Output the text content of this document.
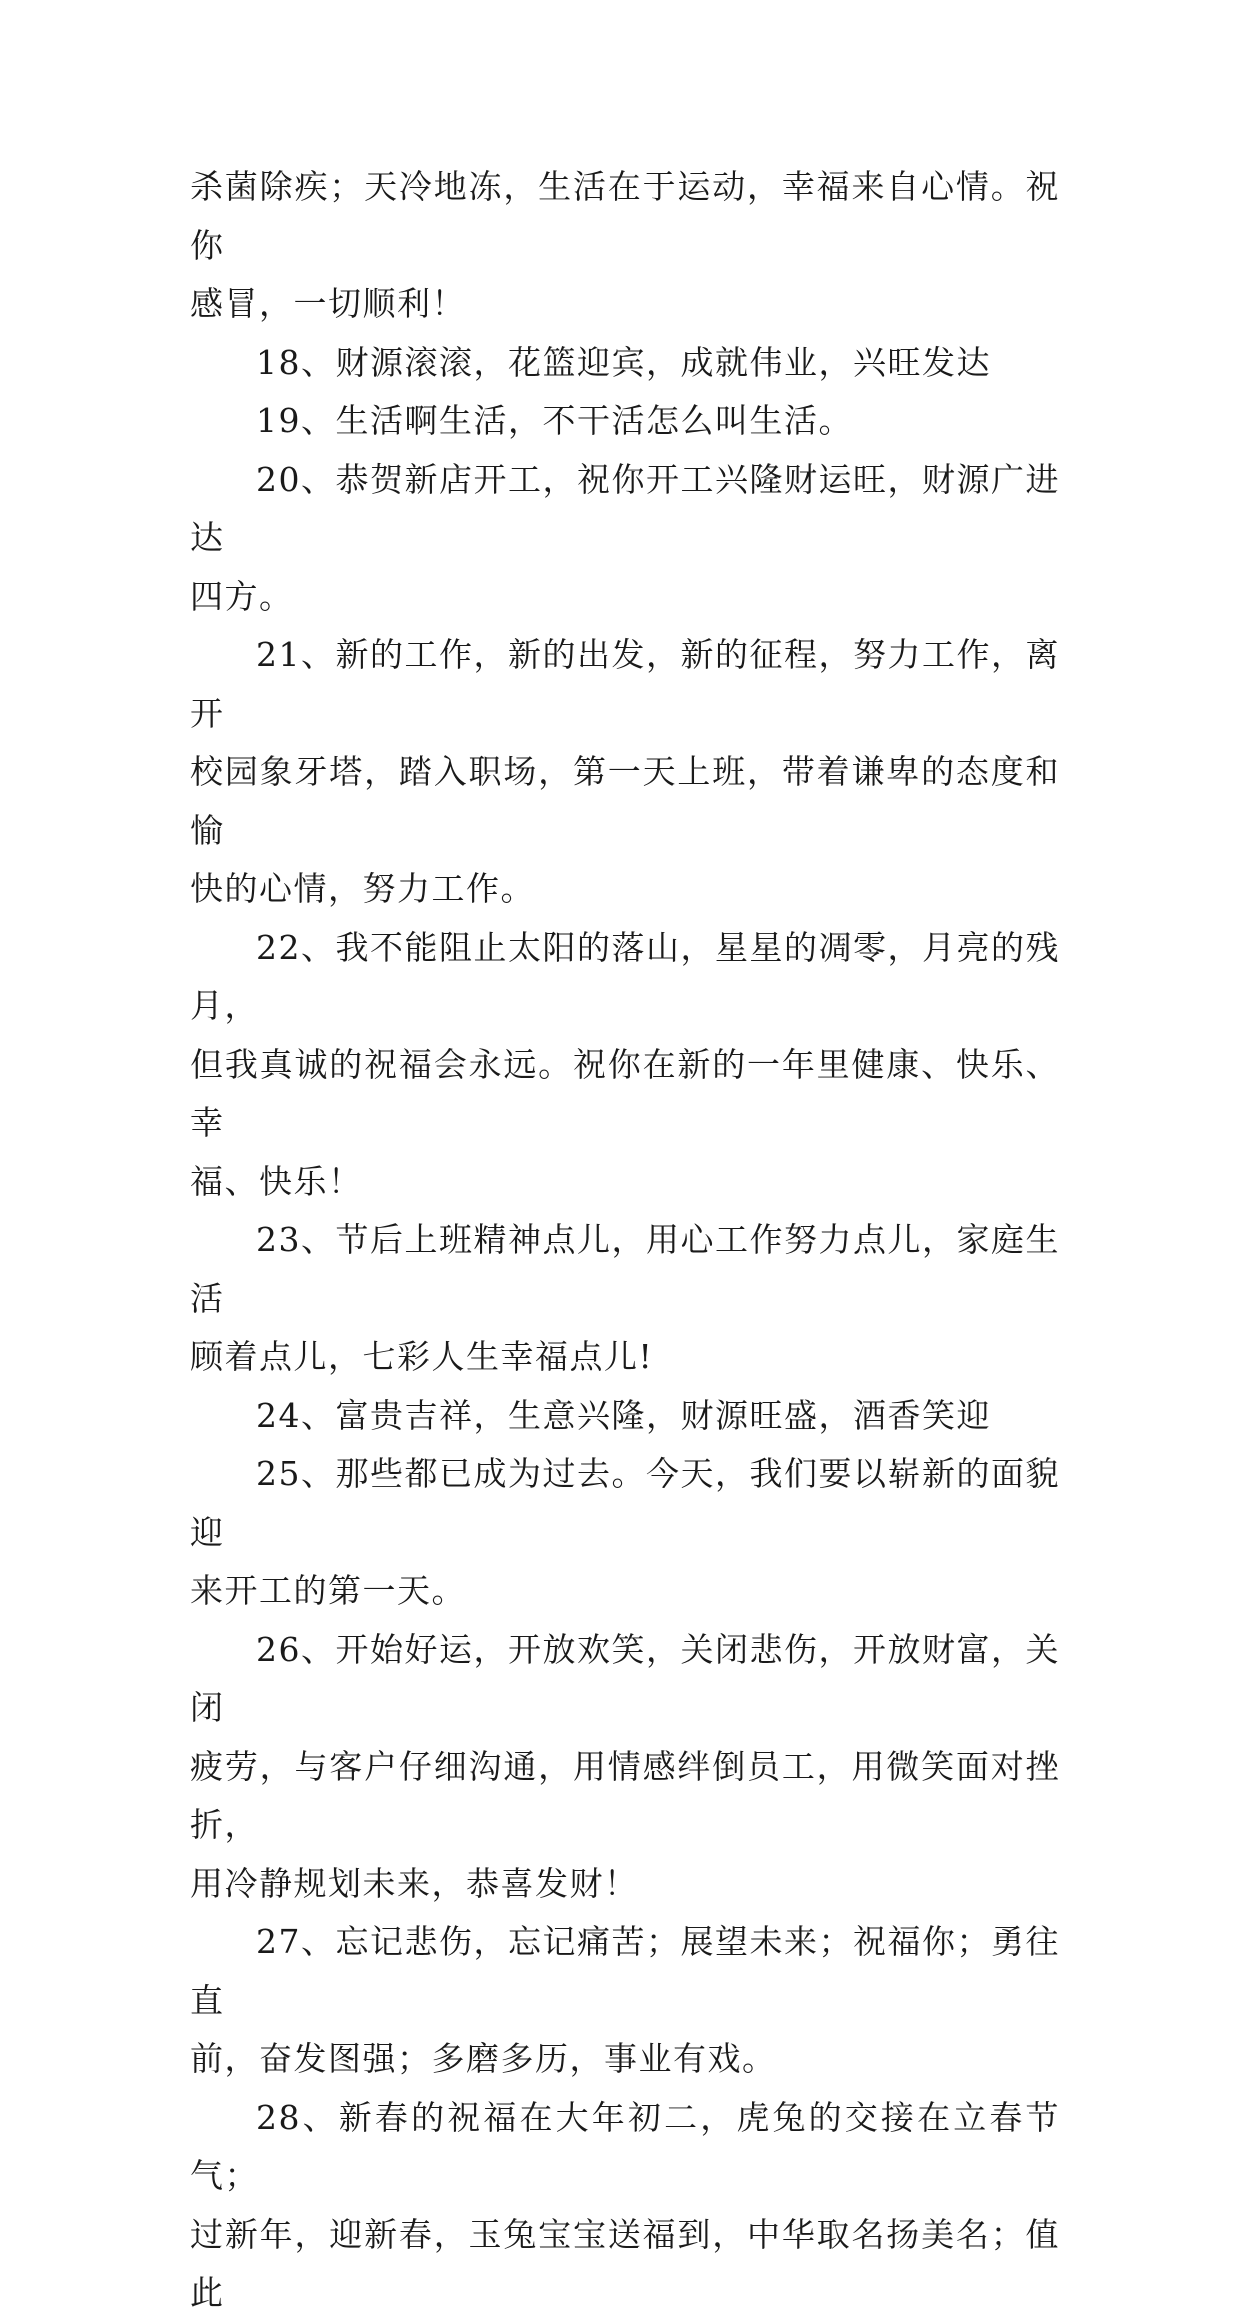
杀菌除疾；天冷地冻，生活在于运动，幸福来自心情。祝你
感冒，一切顺利！

18、财源滚滚，花篮迎宾，成就伟业，兴旺发达

19、生活啊生活，不干活怎么叫生活。

20、恭贺新店开工，祝你开工兴隆财运旺，财源广进达
四方。

21、新的工作，新的出发，新的征程，努力工作，离开
校园象牙塔，踏入职场，第一天上班，带着谦卑的态度和愉
快的心情，努力工作。

22、我不能阻止太阳的落山，星星的凋零，月亮的残月，
但我真诚的祝福会永远。祝你在新的一年里健康、快乐、幸
福、快乐！

23、节后上班精神点儿，用心工作努力点儿，家庭生活
顾着点儿，七彩人生幸福点儿!

24、富贵吉祥，生意兴隆，财源旺盛，酒香笑迎

25、那些都已成为过去。今天，我们要以崭新的面貌迎
来开工的第一天。

26、开始好运，开放欢笑，关闭悲伤，开放财富，关闭
疲劳，与客户仔细沟通，用情感绊倒员工，用微笑面对挫折，
用冷静规划未来，恭喜发财！

27、忘记悲伤，忘记痛苦；展望未来；祝福你；勇往直
前，奋发图强；多磨多历，事业有戏。

28、新春的祝福在大年初二，虎兔的交接在立春节气；
过新年，迎新春，玉兔宝宝送福到，中华取名扬美名；值此
